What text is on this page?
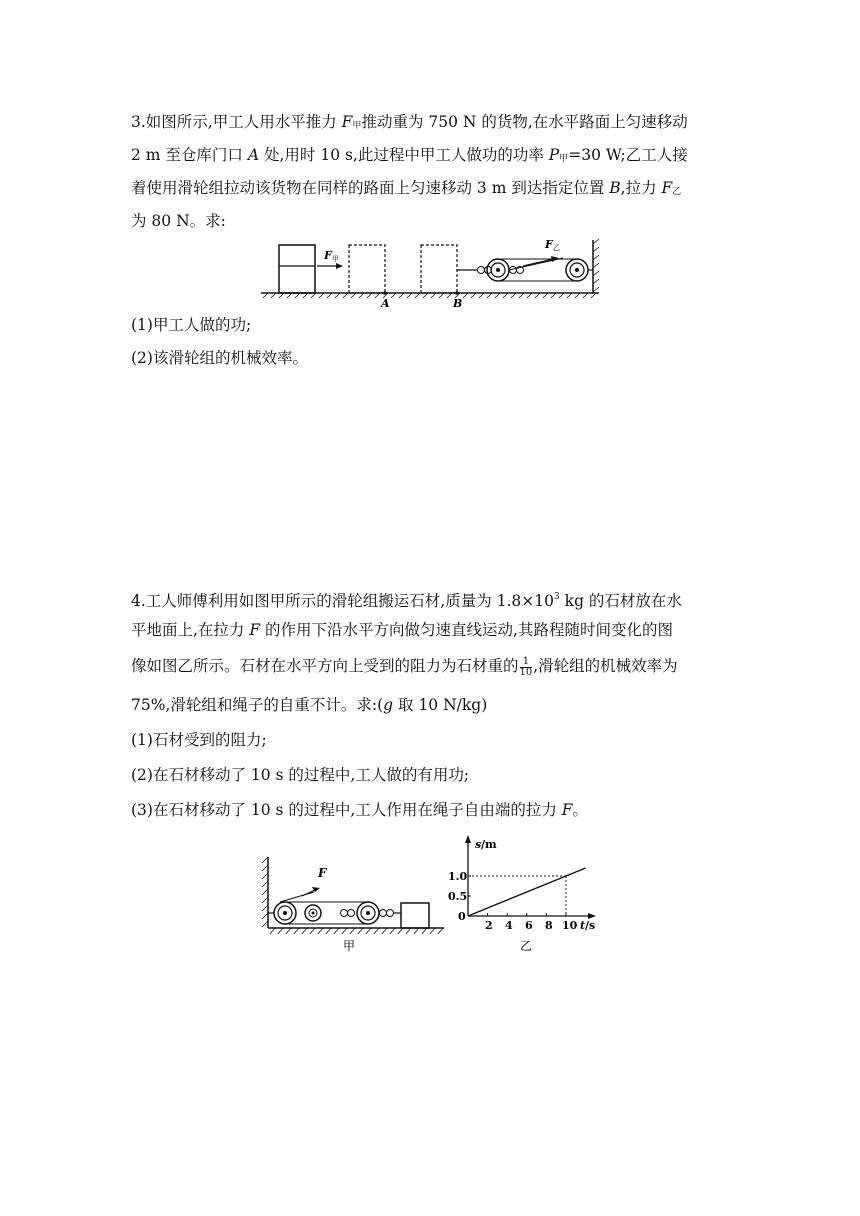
3.如图所示,甲工人用水平推力 F甲推动重为 750 N 的货物,在水平路面上匀速移动
2 m 至仓库门口 A 处,用时 10 s,此过程中甲工人做功的功率 P甲=30 W;乙工人接
着使用滑轮组拉动该货物在同样的路面上匀速移动 3 m 到达指定位置 B,拉力 F乙
为 80 N。求:
F 甲
A	B
F 乙
(1)甲工人做的功;
(2)该滑轮组的机械效率。
4.工人师傅利用如图甲所示的滑轮组搬运石材,质量为 $1.8\times 10^3$ kg 的石材放在水
平地面上,在拉力 F 的作用下沿水平方向做匀速直线运动,其路程随时间变化的图
像如图乙所示。石材在水平方向上受到的阻力为石材重的 $\frac{1}{10}$ ,滑轮组的机械效率为
75%,滑轮组和绳子的自重不计。求:(g 取 10 N/kg)
(1)石材受到的阻力;
(2)在石材移动了 10 s 的过程中,工人做的有用功;
(3)在石材移动了 10 s 的过程中,工人作用在绳子自由端的拉力 F。
F
甲
s /m
t /s
1.0
0.5
0
2 4 6 8 10
乙
